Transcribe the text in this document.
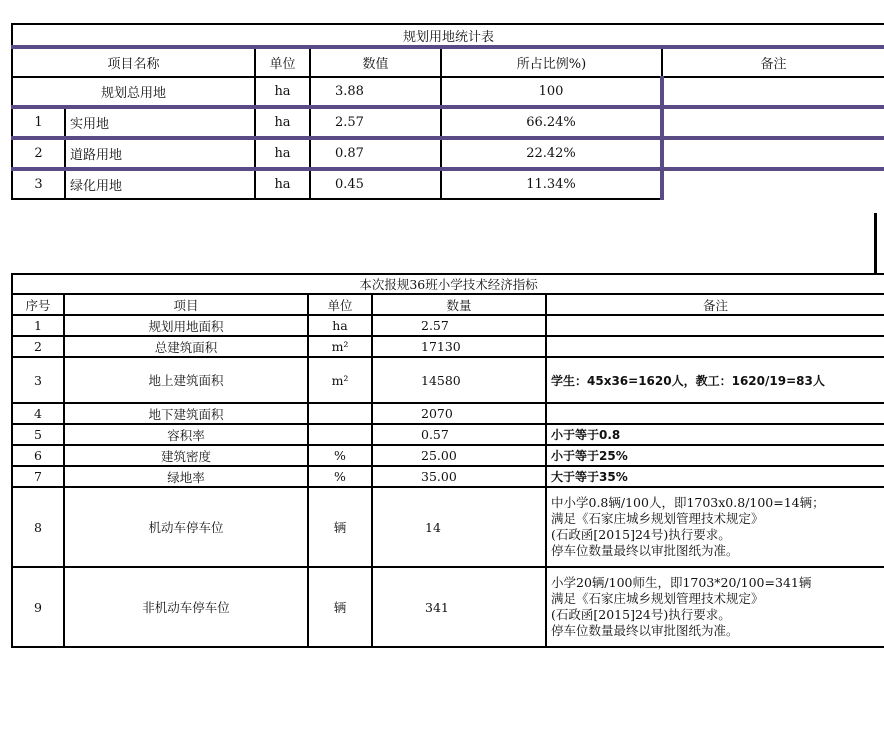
规划用地统计表					
项目名称		单位	数值	所占比例%)	备注
规划总用地		ha	3.88	100	
1	实用地	ha	2.57	66.24%	
2	道路用地	ha	0.87	22.42%	
3	绿化用地	ha	0.45	11.34%	
本次报规36班小学技术经济指标				
序号	项目	单位	数量	备注
1	规划用地面积	ha	2.57	
2	总建筑面积	m²	17130	
3	地上建筑面积	m²	14580	学生：45x36=1620人，教工：1620/19=83人
4	地下建筑面积		2070	
5	容积率		0.57	小于等于0.8
6	建筑密度	%	25.00	小于等于25%
7	绿地率	%	35.00	大于等于35%
8	机动车停车位	辆	14	中小学0.8辆/100人，即1703x0.8/100=14辆；
满足《石家庄城乡规划管理技术规定》
(石政函[2015]24号)执行要求。
停车位数量最终以审批图纸为准。

9	非机动车停车位	辆	341	小学20辆/100师生，即1703*20/100=341辆
满足《石家庄城乡规划管理技术规定》
(石政函[2015]24号)执行要求。
停车位数量最终以审批图纸为准。
